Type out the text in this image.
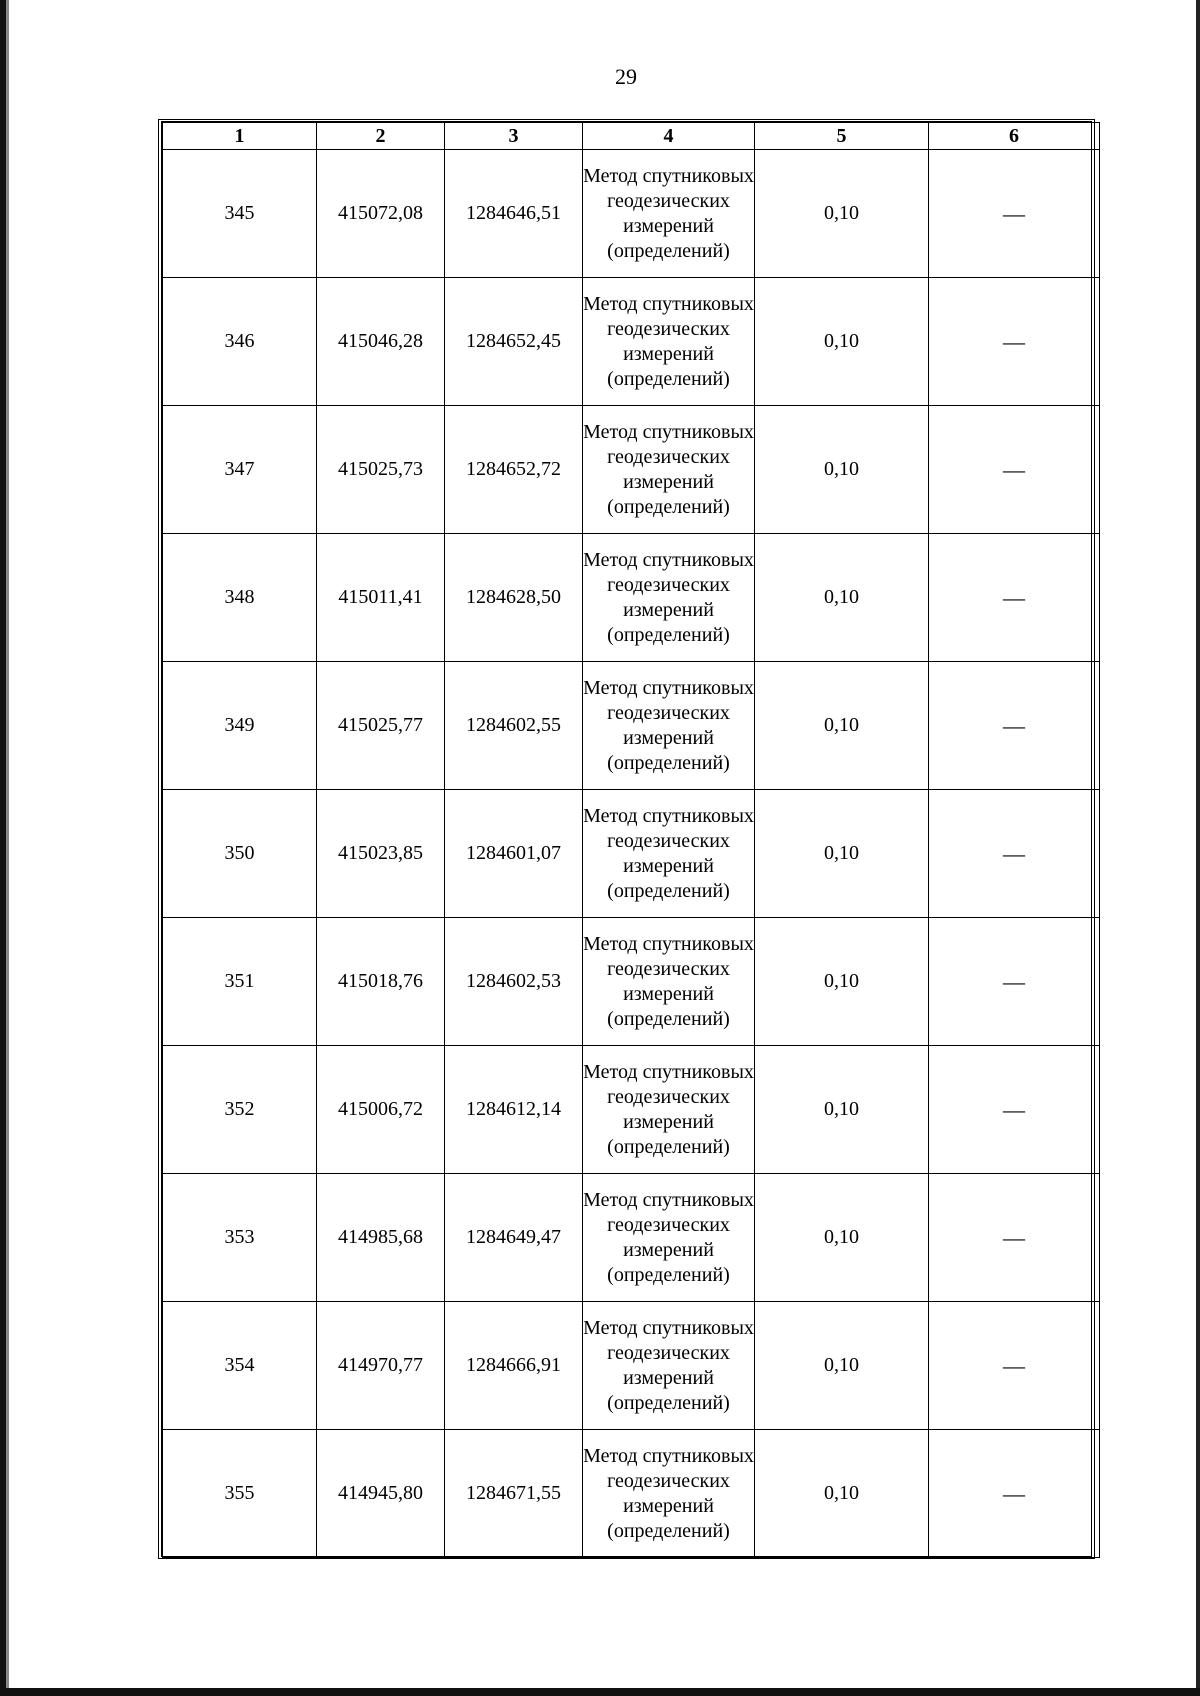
29
1	2	3	4	5	6
345	415072,08	1284646,51	Метод спутниковых геодезических измерений (определений)	0,10	—
346	415046,28	1284652,45	Метод спутниковых геодезических измерений (определений)	0,10	—
347	415025,73	1284652,72	Метод спутниковых геодезических измерений (определений)	0,10	—
348	415011,41	1284628,50	Метод спутниковых геодезических измерений (определений)	0,10	—
349	415025,77	1284602,55	Метод спутниковых геодезических измерений (определений)	0,10	—
350	415023,85	1284601,07	Метод спутниковых геодезических измерений (определений)	0,10	—
351	415018,76	1284602,53	Метод спутниковых геодезических измерений (определений)	0,10	—
352	415006,72	1284612,14	Метод спутниковых геодезических измерений (определений)	0,10	—
353	414985,68	1284649,47	Метод спутниковых геодезических измерений (определений)	0,10	—
354	414970,77	1284666,91	Метод спутниковых геодезических измерений (определений)	0,10	—
355	414945,80	1284671,55	Метод спутниковых геодезических измерений (определений)	0,10	—
